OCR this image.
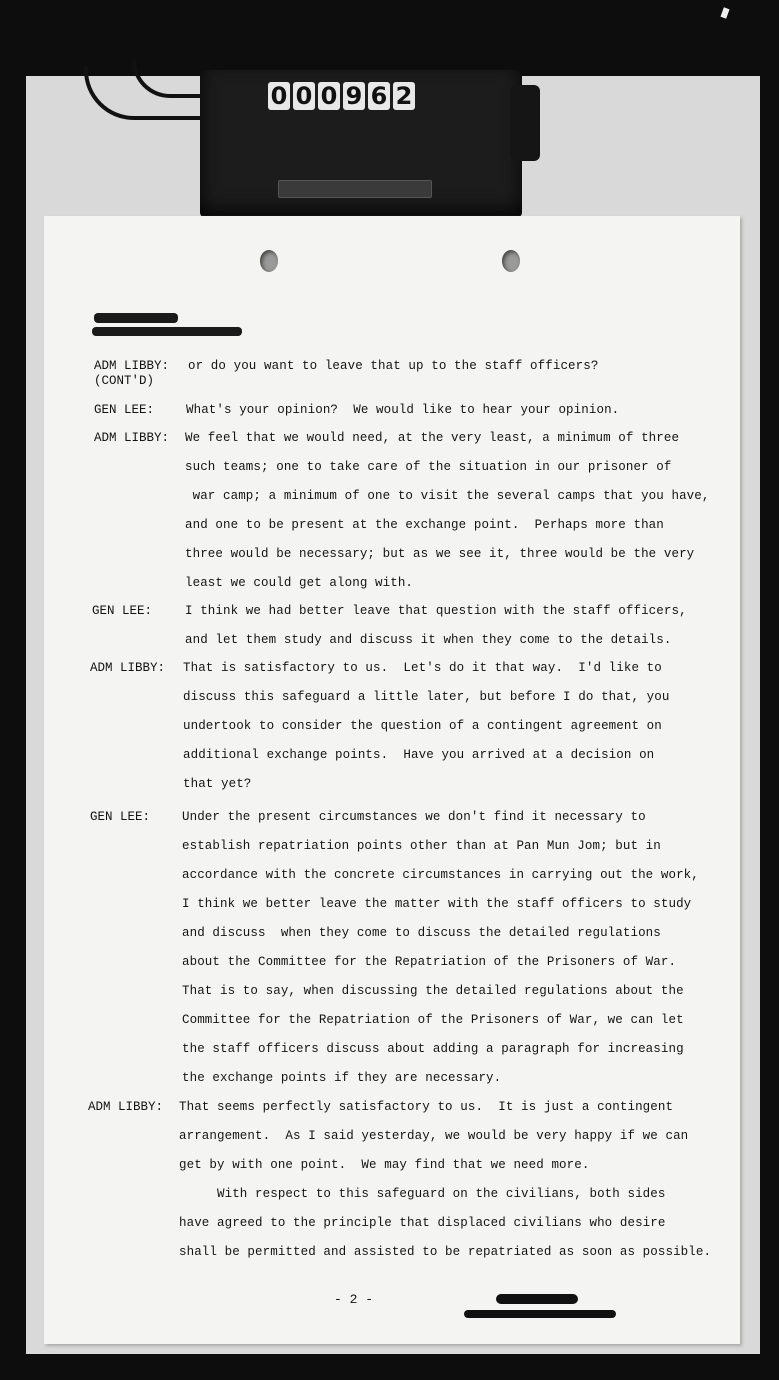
0 0 0 9 6 2
ADM LIBBY:
(CONT'D)
or do you want to leave that up to the staff officers?
GEN LEE:	What's your opinion?  We would like to hear your opinion.
ADM LIBBY: We feel that we would need, at the very least, a minimum of three
such teams; one to take care of the situation in our prisoner of
war camp; a minimum of one to visit the several camps that you have,
and one to be present at the exchange point.  Perhaps more than
three would be necessary; but as we see it, three would be the very
least we could get along with.
GEN LEE:	I think we had better leave that question with the staff officers,
and let them study and discuss it when they come to the details.
ADM LIBBY: That is satisfactory to us.  Let's do it that way.  I'd like to
discuss this safeguard a little later, but before I do that, you
undertook to consider the question of a contingent agreement on
additional exchange points.  Have you arrived at a decision on
that yet?
GEN LEE:	Under the present circumstances we don't find it necessary to
establish repatriation points other than at Pan Mun Jom; but in
accordance with the concrete circumstances in carrying out the work,
I think we better leave the matter with the staff officers to study
and discuss  when they come to discuss the detailed regulations
about the Committee for the Repatriation of the Prisoners of War.
That is to say, when discussing the detailed regulations about the
Committee for the Repatriation of the Prisoners of War, we can let
the staff officers discuss about adding a paragraph for increasing
the exchange points if they are necessary.
ADM LIBBY: That seems perfectly satisfactory to us.  It is just a contingent
arrangement.  As I said yesterday, we would be very happy if we can
get by with one point.  We may find that we need more.
With respect to this safeguard on the civilians, both sides
have agreed to the principle that displaced civilians who desire
shall be permitted and assisted to be repatriated as soon as possible.
- 2 -
